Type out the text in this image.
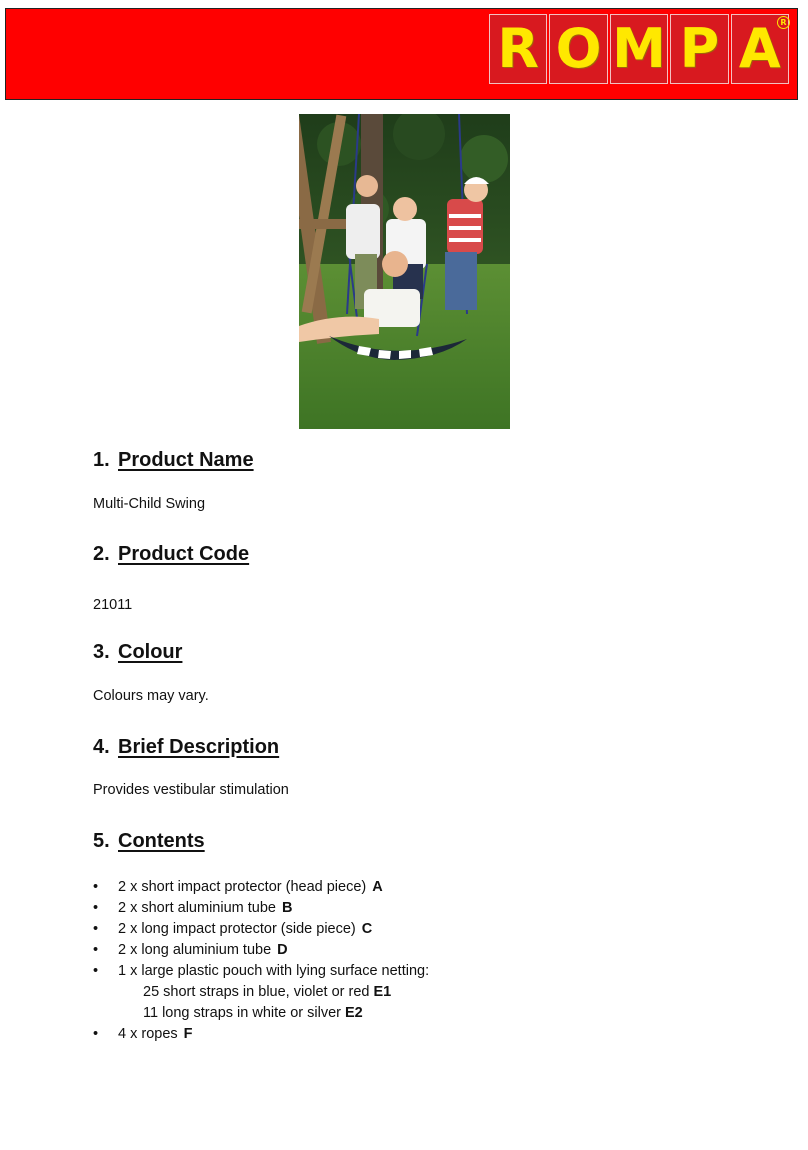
R O M P A R
1. Product Name
Multi-Child Swing
2. Product Code
21011
3. Colour
Colours may vary.
4. Brief Description
Provides vestibular stimulation
5. Contents
• 2 x short impact protector (head piece) A
• 2 x short aluminium tube B
• 2 x long impact protector (side piece) C
• 2 x long aluminium tube D
• 1 x large plastic pouch with lying surface netting:
25 short straps in blue, violet or red E1
11 long straps in white or silver E2
• 4 x ropes F
